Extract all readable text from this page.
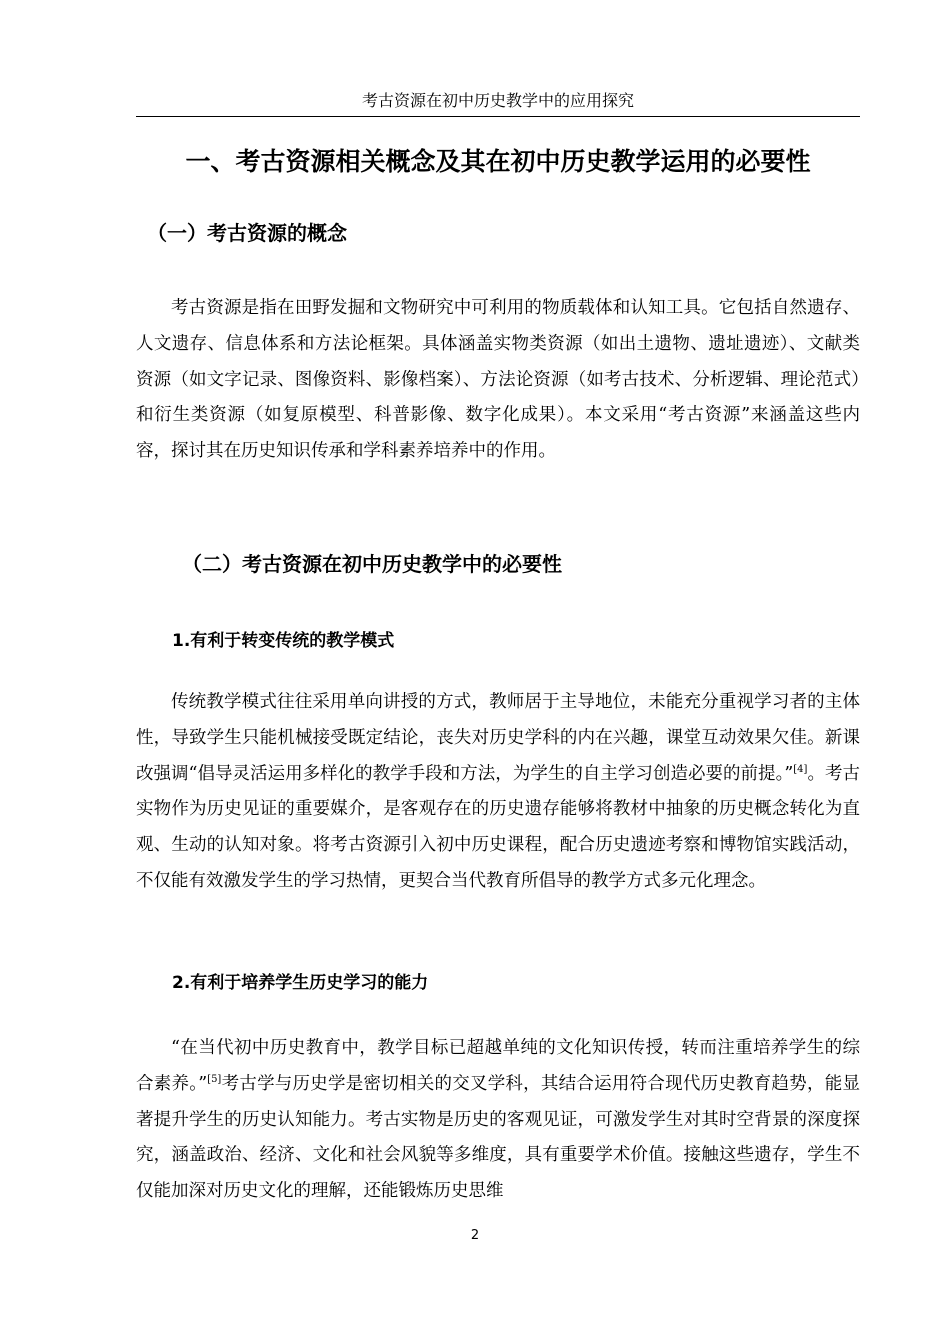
考古资源在初中历史教学中的应用探究
一、考古资源相关概念及其在初中历史教学运用的必要性
（一）考古资源的概念

考古资源是指在田野发掘和文物研究中可利用的物质载体和认知工具。它包括自然遗存、人文遗存、信息体系和方法论框架。具体涵盖实物类资源（如出土遗物、遗址遗迹）、文献类资源（如文字记录、图像资料、影像档案）、方法论资源（如考古技术、分析逻辑、理论范式）和衍生类资源（如复原模型、科普影像、数字化成果）。本文采用“考古资源”来涵盖这些内容，探讨其在历史知识传承和学科素养培养中的作用。

（二）考古资源在初中历史教学中的必要性
1.有利于转变传统的教学模式

传统教学模式往往采用单向讲授的方式，教师居于主导地位，未能充分重视学习者的主体性，导致学生只能机械接受既定结论，丧失对历史学科的内在兴趣，课堂互动效果欠佳。新课改强调“倡导灵活运用多样化的教学手段和方法，为学生的自主学习创造必要的前提。”[4]。考古实物作为历史见证的重要媒介，是客观存在的历史遗存能够将教材中抽象的历史概念转化为直观、生动的认知对象。将考古资源引入初中历史课程，配合历史遗迹考察和博物馆实践活动，不仅能有效激发学生的学习热情，更契合当代教育所倡导的教学方式多元化理念。

2.有利于培养学生历史学习的能力

“在当代初中历史教育中，教学目标已超越单纯的文化知识传授，转而注重培养学生的综合素养。”[5]考古学与历史学是密切相关的交叉学科，其结合运用符合现代历史教育趋势，能显著提升学生的历史认知能力。考古实物是历史的客观见证，可激发学生对其时空背景的深度探究，涵盖政治、经济、文化和社会风貌等多维度，具有重要学术价值。接触这些遗存，学生不仅能加深对历史文化的理解，还能锻炼历史思维

2
